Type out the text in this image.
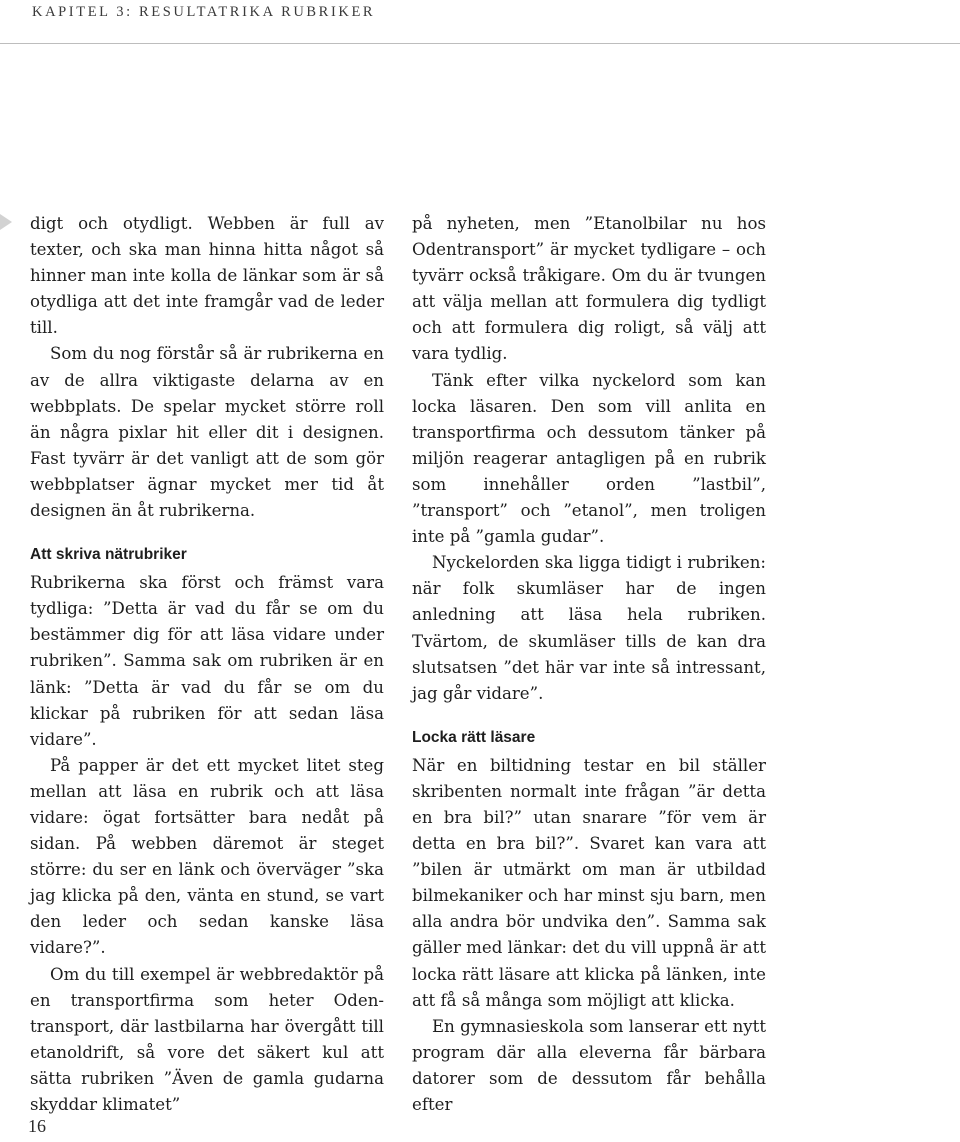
KAPITEL 3: RESULTATRIKA RUBRIKER

digt och otydligt. Webben är full av texter, och ska man hinna hitta något så hinner man inte kolla de länkar som är så otydliga att det inte framgår vad de leder till.

Som du nog förstår så är rubrikerna en av de allra viktigaste delarna av en webbplats. De spelar mycket större roll än några pixlar hit eller dit i designen. Fast tyvärr är det vanligt att de som gör webbplatser ägnar mycket mer tid åt designen än åt rubrikerna.

Att skriva nätrubriker

Rubrikerna ska först och främst vara tydliga: ”Detta är vad du får se om du bestämmer dig för att läsa vidare under rubriken”. Samma sak om rubriken är en länk: ”Detta är vad du får se om du klickar på rubriken för att sedan läsa vidare”.

På papper är det ett mycket litet steg mellan att läsa en rubrik och att läsa vidare: ögat fortsätter bara nedåt på sidan. På webben däremot är steget större: du ser en länk och överväger ”ska jag klicka på den, vänta en stund, se vart den leder och sedan kanske läsa vidare?”.

Om du till exempel är webbredaktör på en transportfirma som heter Oden-transport, där lastbilarna har övergått till etanoldrift, så vore det säkert kul att sätta rubriken ”Även de gamla gudarna skyddar klimatet”

på nyheten, men ”Etanolbilar nu hos Odentransport” är mycket tydligare – och tyvärr också tråkigare. Om du är tvungen att välja mellan att formulera dig tydligt och att formulera dig roligt, så välj att vara tydlig.

Tänk efter vilka nyckelord som kan locka läsaren. Den som vill anlita en transportfirma och dessutom tänker på miljön reagerar antagligen på en rubrik som innehåller orden ”lastbil”, ”transport” och ”etanol”, men troligen inte på ”gamla gudar”.

Nyckelorden ska ligga tidigt i rubriken: när folk skumläser har de ingen anledning att läsa hela rubriken. Tvärtom, de skumläser tills de kan dra slutsatsen ”det här var inte så intressant, jag går vidare”.

Locka rätt läsare

När en biltidning testar en bil ställer skribenten normalt inte frågan ”är detta en bra bil?” utan snarare ”för vem är detta en bra bil?”. Svaret kan vara att ”bilen är utmärkt om man är utbildad bilmekaniker och har minst sju barn, men alla andra bör undvika den”. Samma sak gäller med länkar: det du vill uppnå är att locka rätt läsare att klicka på länken, inte att få så många som möjligt att klicka.

En gymnasieskola som lanserar ett nytt program där alla eleverna får bärbara datorer som de dessutom får behålla efter

16
